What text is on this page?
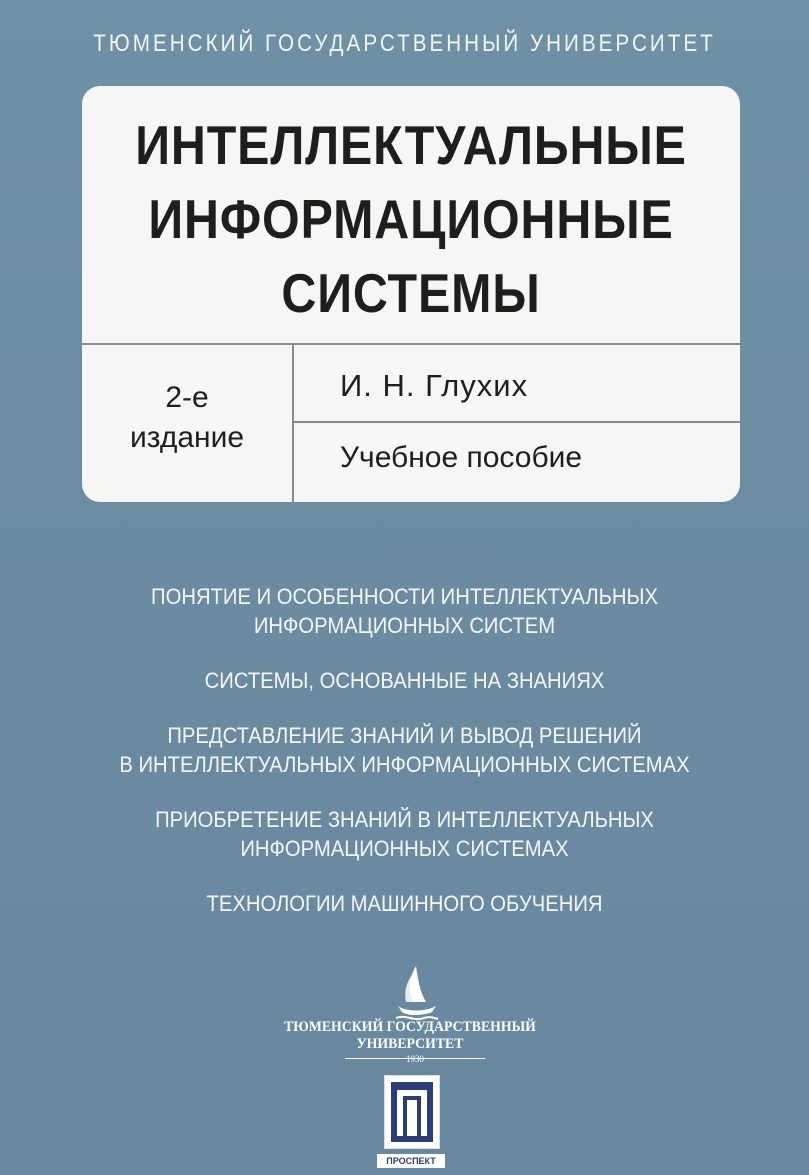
ТЮМЕНСКИЙ ГОСУДАРСТВЕННЫЙ УНИВЕРСИТЕТ
ИНТЕЛЛЕКТУАЛЬНЫЕ
ИНФОРМАЦИОННЫЕ
СИСТЕМЫ
2-е
издание
И. Н. Глухих
Учебное пособие
ПОНЯТИЕ И ОСОБЕННОСТИ ИНТЕЛЛЕКТУАЛЬНЫХ
ИНФОРМАЦИОННЫХ СИСТЕМ
СИСТЕМЫ, ОСНОВАННЫЕ НА ЗНАНИЯХ
ПРЕДСТАВЛЕНИЕ ЗНАНИЙ И ВЫВОД РЕШЕНИЙ
В ИНТЕЛЛЕКТУАЛЬНЫХ ИНФОРМАЦИОННЫХ СИСТЕМАХ
ПРИОБРЕТЕНИЕ ЗНАНИЙ В ИНТЕЛЛЕКТУАЛЬНЫХ
ИНФОРМАЦИОННЫХ СИСТЕМАХ
ТЕХНОЛОГИИ МАШИННОГО ОБУЧЕНИЯ
ТЮМЕНСКИЙ ГОСУДАРСТВЕННЫЙ
УНИВЕРСИТЕТ
1930
ПРОСПЕКТ
